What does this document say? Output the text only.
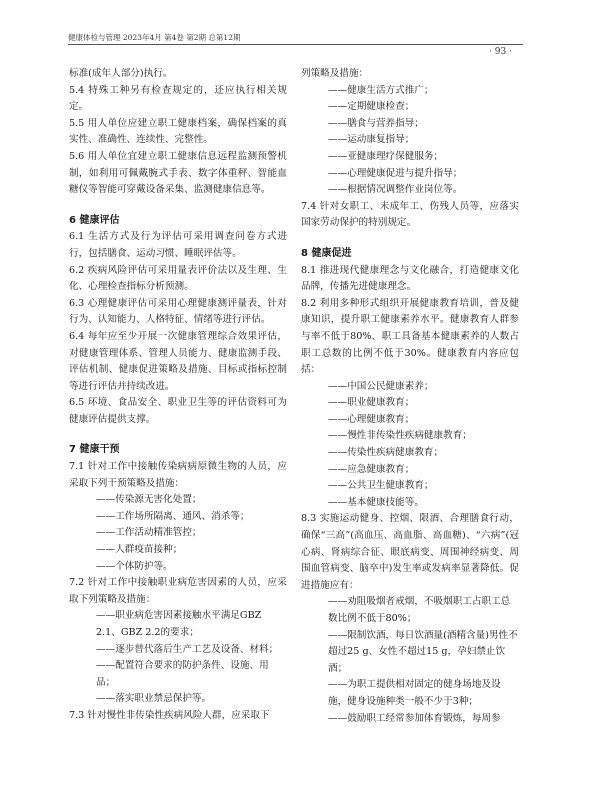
健康体检与管理 2023年4月 第4卷 第2期 总第12期
· 93 ·
标准(成年人部分)执行。
5.4 特殊工种另有检查规定的，还应执行相关规定。
5.5 用人单位应建立职工健康档案，确保档案的真实性、准确性、连续性、完整性。
5.6 用人单位宜建立职工健康信息远程监测预警机制，如利用可佩戴腕式手表、数字体重秤、智能血糖仪等智能可穿戴设备采集、监测健康信息等。
6 健康评估
6.1 生活方式及行为评估可采用调查问卷方式进行，包括膳食、运动习惯、睡眠评估等。
6.2 疾病风险评估可采用量表评价法以及生理、生化、心理检查指标分析预测。
6.3 心理健康评估可采用心理健康测评量表，针对行为、认知能力、人格特征、情绪等进行评估。
6.4 每年应至少开展一次健康管理综合效果评估，对健康管理体系、管理人员能力、健康监测手段、评估机制、健康促进策略及措施、目标或指标控制等进行评估并持续改进。
6.5 环境、食品安全、职业卫生等的评估资料可为健康评估提供支撑。
7 健康干预
7.1 针对工作中接触传染病病原微生物的人员，应采取下列干预策略及措施：
——传染源无害化处置；
——工作场所隔离、通风、消杀等；
——工作活动精准管控；
——人群疫苗接种；
——个体防护等。
7.2 针对工作中接触职业病危害因素的人员，应采取下列策略及措施：
——职业病危害因素接触水平满足GBZ 2.1、GBZ 2.2的要求；
——逐步替代落后生产工艺及设备、材料；
——配置符合要求的防护条件、设施、用品；
——落实职业禁忌保护等。
7.3 针对慢性非传染性疾病风险人群，应采取下
列策略及措施：
——健康生活方式推广；
——定期健康检查；
——膳食与营养指导；
——运动康复指导；
——亚健康理疗保健服务；
——心理健康促进与提升指导；
——根据情况调整作业岗位等。
7.4 针对女职工、未成年工、伤残人员等，应落实国家劳动保护的特别规定。
8 健康促进
8.1 推进现代健康理念与文化融合，打造健康文化品牌，传播先进健康理念。
8.2 利用多种形式组织开展健康教育培训，普及健康知识，提升职工健康素养水平。健康教育人群参与率不低于80%、职工具备基本健康素养的人数占职工总数的比例不低于30%。健康教育内容应包括：
——中国公民健康素养；
——职业健康教育；
——心理健康教育；
——慢性非传染性疾病健康教育；
——传染性疾病健康教育；
——应急健康教育；
——公共卫生健康教育；
——基本健康技能等。
8.3 实施运动健身、控烟、限酒、合理膳食行动，确保“三高”(高血压、高血脂、高血糖)、“六病”(冠心病、肾病综合征、眼底病变、周围神经病变、周围血管病变、脑卒中)发生率或发病率显著降低。促进措施应有：
——劝阻吸烟者戒烟，不吸烟职工占职工总数比例不低于80%；
——限制饮酒，每日饮酒量(酒精含量)男性不超过25 g、女性不超过15 g，孕妇禁止饮酒；
——为职工提供相对固定的健身场地及设施，健身设施种类一般不少于3种；
——鼓励职工经常参加体育锻炼，每周参
